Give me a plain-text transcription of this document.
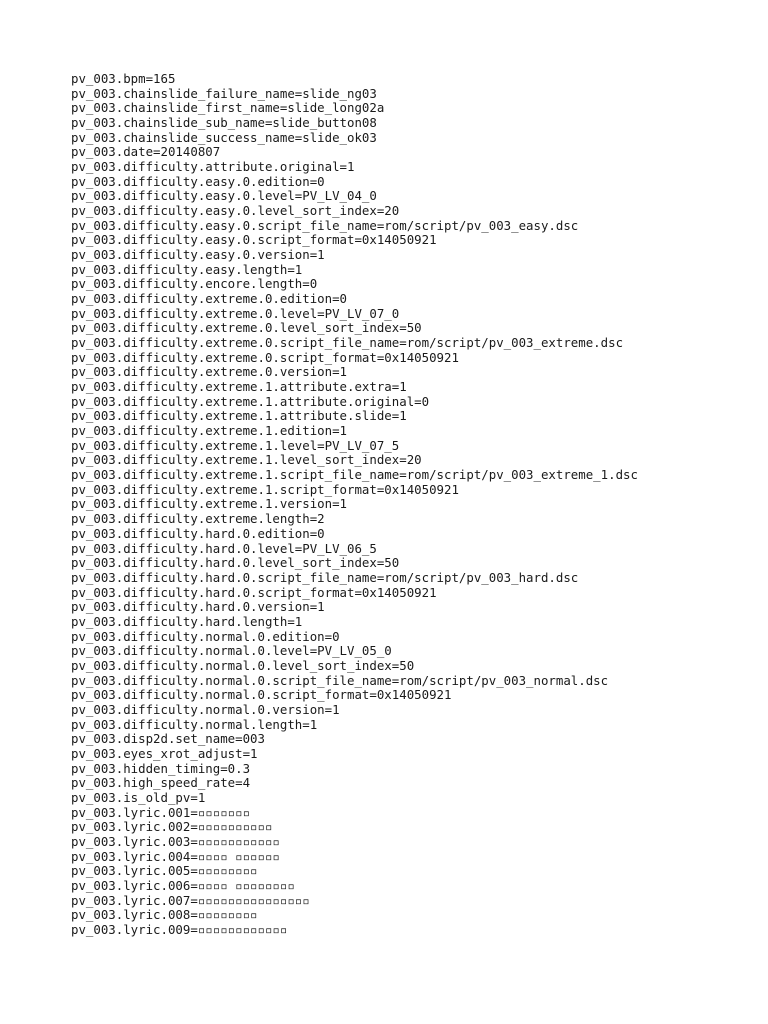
pv_003.bpm=165
pv_003.chainslide_failure_name=slide_ng03
pv_003.chainslide_first_name=slide_long02a
pv_003.chainslide_sub_name=slide_button08
pv_003.chainslide_success_name=slide_ok03
pv_003.date=20140807
pv_003.difficulty.attribute.original=1
pv_003.difficulty.easy.0.edition=0
pv_003.difficulty.easy.0.level=PV_LV_04_0
pv_003.difficulty.easy.0.level_sort_index=20
pv_003.difficulty.easy.0.script_file_name=rom/script/pv_003_easy.dsc
pv_003.difficulty.easy.0.script_format=0x14050921
pv_003.difficulty.easy.0.version=1
pv_003.difficulty.easy.length=1
pv_003.difficulty.encore.length=0
pv_003.difficulty.extreme.0.edition=0
pv_003.difficulty.extreme.0.level=PV_LV_07_0
pv_003.difficulty.extreme.0.level_sort_index=50
pv_003.difficulty.extreme.0.script_file_name=rom/script/pv_003_extreme.dsc
pv_003.difficulty.extreme.0.script_format=0x14050921
pv_003.difficulty.extreme.0.version=1
pv_003.difficulty.extreme.1.attribute.extra=1
pv_003.difficulty.extreme.1.attribute.original=0
pv_003.difficulty.extreme.1.attribute.slide=1
pv_003.difficulty.extreme.1.edition=1
pv_003.difficulty.extreme.1.level=PV_LV_07_5
pv_003.difficulty.extreme.1.level_sort_index=20
pv_003.difficulty.extreme.1.script_file_name=rom/script/pv_003_extreme_1.dsc
pv_003.difficulty.extreme.1.script_format=0x14050921
pv_003.difficulty.extreme.1.version=1
pv_003.difficulty.extreme.length=2
pv_003.difficulty.hard.0.edition=0
pv_003.difficulty.hard.0.level=PV_LV_06_5
pv_003.difficulty.hard.0.level_sort_index=50
pv_003.difficulty.hard.0.script_file_name=rom/script/pv_003_hard.dsc
pv_003.difficulty.hard.0.script_format=0x14050921
pv_003.difficulty.hard.0.version=1
pv_003.difficulty.hard.length=1
pv_003.difficulty.normal.0.edition=0
pv_003.difficulty.normal.0.level=PV_LV_05_0
pv_003.difficulty.normal.0.level_sort_index=50
pv_003.difficulty.normal.0.script_file_name=rom/script/pv_003_normal.dsc
pv_003.difficulty.normal.0.script_format=0x14050921
pv_003.difficulty.normal.0.version=1
pv_003.difficulty.normal.length=1
pv_003.disp2d.set_name=003
pv_003.eyes_xrot_adjust=1
pv_003.hidden_timing=0.3
pv_003.high_speed_rate=4
pv_003.is_old_pv=1
pv_003.lyric.001=▫▫▫▫▫▫▫
pv_003.lyric.002=▫▫▫▫▫▫▫▫▫▫
pv_003.lyric.003=▫▫▫▫▫▫▫▫▫▫▫
pv_003.lyric.004=▫▫▫▫ ▫▫▫▫▫▫
pv_003.lyric.005=▫▫▫▫▫▫▫▫
pv_003.lyric.006=▫▫▫▫ ▫▫▫▫▫▫▫▫
pv_003.lyric.007=▫▫▫▫▫▫▫▫▫▫▫▫▫▫▫
pv_003.lyric.008=▫▫▫▫▫▫▫▫
pv_003.lyric.009=▫▫▫▫▫▫▫▫▫▫▫▫
